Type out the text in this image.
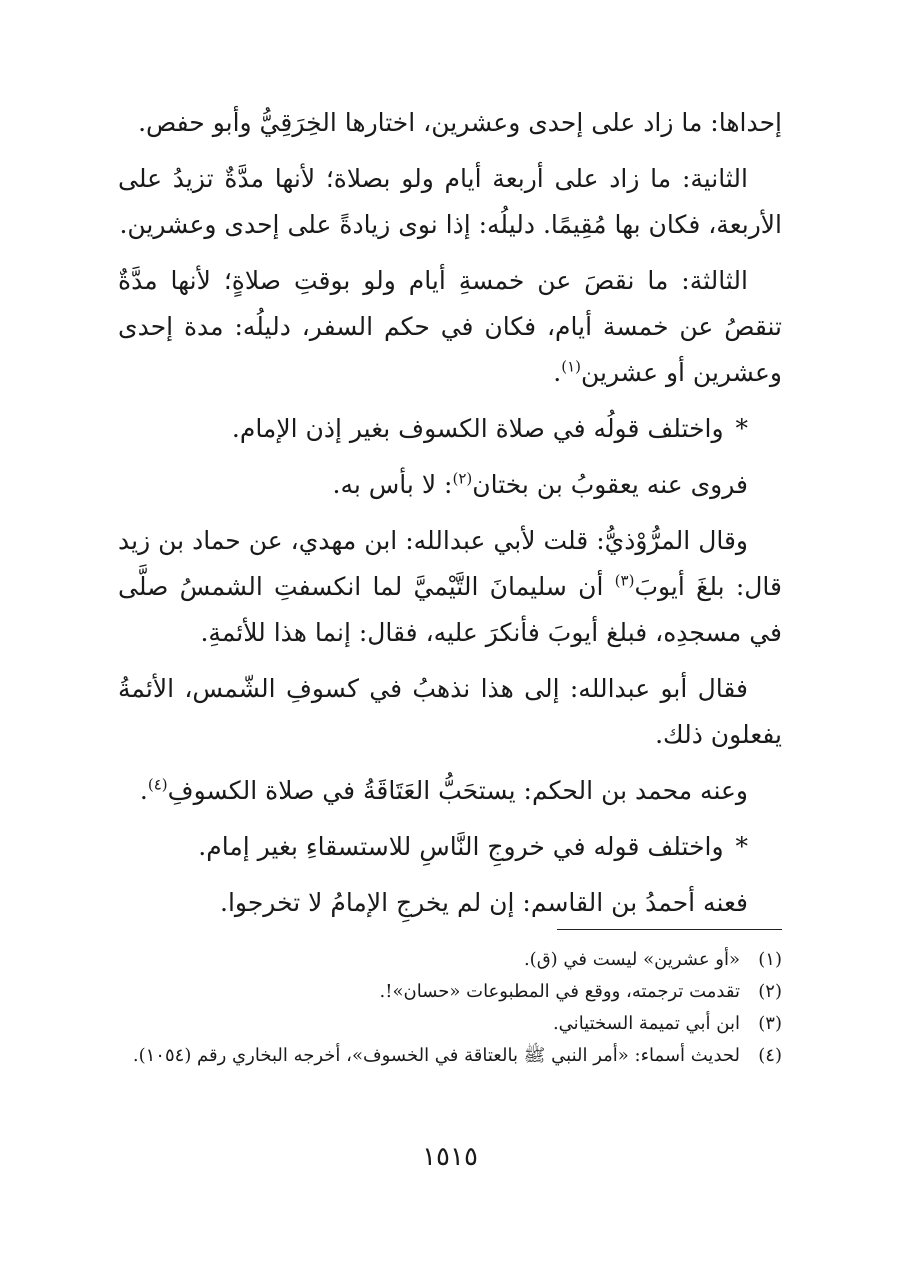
إحداها: ما زاد على إحدى وعشرين، اختارها الخِرَقِيُّ وأبو حفص.

الثانية: ما زاد على أربعة أيام ولو بصلاة؛ لأنها مدَّةٌ تزيدُ على الأربعة، فكان بها مُقِيمًا. دليلُه: إذا نوى زيادةً على إحدى وعشرين.

الثالثة: ما نقصَ عن خمسةِ أيام ولو بوقتِ صلاةٍ؛ لأنها مدَّةٌ تنقصُ عن خمسة أيام، فكان في حكم السفر، دليلُه: مدة إحدى وعشرين أو عشرين$^{(١)}$.

* واختلف قولُه في صلاة الكسوف بغير إذن الإمام.

فروى عنه يعقوبُ بن بختان$^{(٢)}$: لا بأس به.

وقال المرُّوْذيُّ: قلت لأبي عبدالله: ابن مهدي، عن حماد بن زيد قال: بلغَ أيوبَ$^{(٣)}$ أن سليمانَ التَّيْميَّ لما انكسفتِ الشمسُ صلَّى في مسجدِه، فبلغ أيوبَ فأنكرَ عليه، فقال: إنما هذا للأئمةِ.

فقال أبو عبدالله: إلى هذا نذهبُ في كسوفِ الشّمس، الأئمةُ يفعلون ذلك.

وعنه محمد بن الحكم: يستحَبُّ العَتَاقَةُ في صلاة الكسوفِ$^{(٤)}$.

* واختلف قوله في خروجِ النَّاسِ للاستسقاءِ بغير إمام.

فعنه أحمدُ بن القاسم: إن لم يخرجِ الإمامُ لا تخرجوا.

(١)
«أو عشرين» ليست في (ق).
(٢)
تقدمت ترجمته، ووقع في المطبوعات «حسان»!.
(٣)
ابن أبي تميمة السختياني.
(٤)
لحديث أسماء: «أمر النبي ﷺ بالعتاقة في الخسوف»، أخرجه البخاري رقم (١٠٥٤).
١٥١٥
